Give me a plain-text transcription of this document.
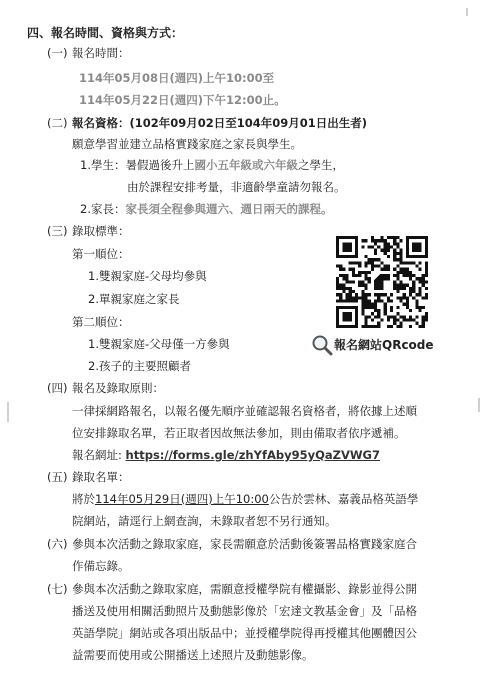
四、報名時間、資格與方式：
(一) 報名時間：
114年05月08日(週四)上午10:00至
114年05月22日(週四)下午12:00止。
(二) 報名資格：(102年09月02日至104年09月01日出生者)
願意學習並建立品格實踐家庭之家長與學生。
1.學生：暑假過後升上國小五年級或六年級之學生，
由於課程安排考量，非適齡學童請勿報名。
2.家長：家長須全程參與週六、週日兩天的課程。
(三) 錄取標準：
第一順位：
1.雙親家庭-父母均參與
2.單親家庭之家長
第二順位：
1.雙親家庭-父母僅一方參與
2.孩子的主要照顧者
報名網站QRcode
(四) 報名及錄取原則：
一律採網路報名，以報名優先順序並確認報名資格者，將依據上述順
位安排錄取名單，若正取者因故無法參加，則由備取者依序遞補。
報名網址: https://forms.gle/zhYfAby95yQaZVWG7
(五) 錄取名單：
將於114年05月29日(週四)上午10:00公告於雲林、嘉義品格英語學
院網站，請逕行上網查詢，未錄取者恕不另行通知。
(六) 參與本次活動之錄取家庭，家長需願意於活動後簽署品格實踐家庭合
作備忘錄。
(七) 參與本次活動之錄取家庭，需願意授權學院有權攝影、錄影並得公開
播送及使用相關活動照片及動態影像於「宏達文教基金會」及「品格
英語學院」網站或各項出版品中；並授權學院得再授權其他團體因公
益需要而使用或公開播送上述照片及動態影像。
